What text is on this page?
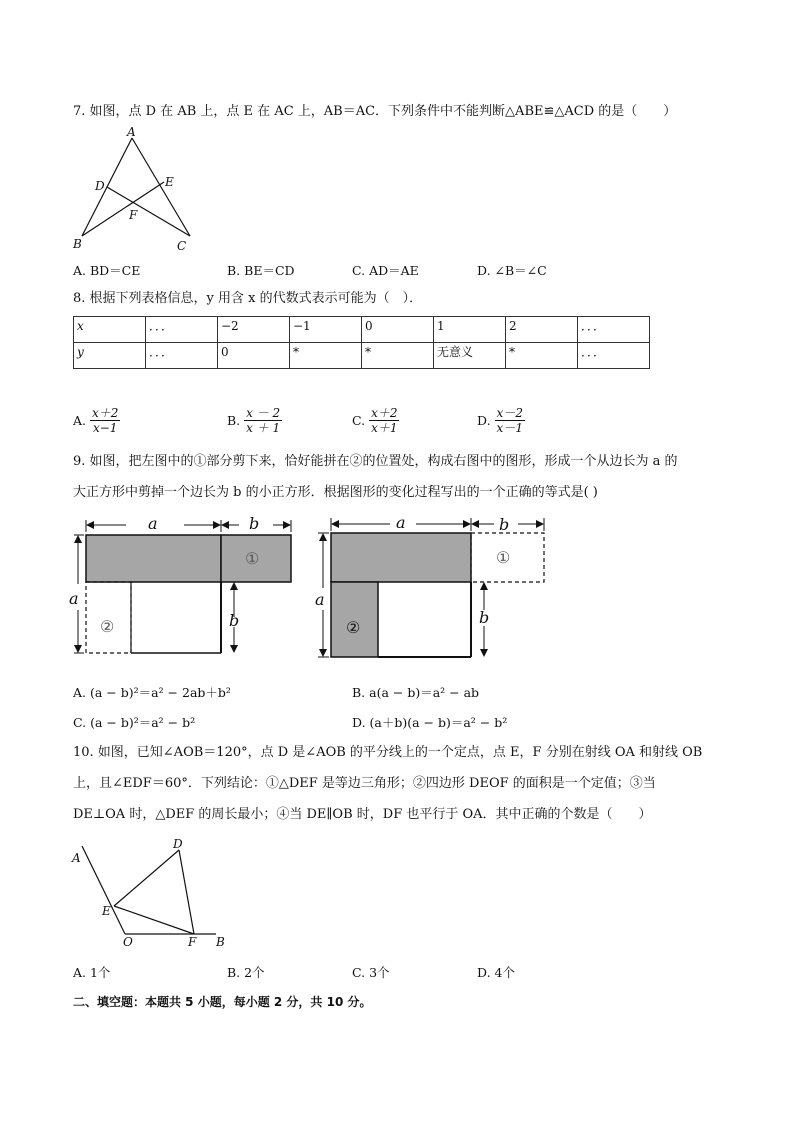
7. 如图，点 D 在 AB 上，点 E 在 AC 上，AB＝AC．下列条件中不能判断△ABE≌△ACD 的是（　　）
A
D	E
F
B	C
A. BD＝CE	B. BE＝CD	C. AD＝AE	D. ∠B＝∠C
8. 根据下列表格信息，y 用含 x 的代数式表示可能为（　）．
x	．．．	−2	−1	0	1	2	．．．
y	．．．	0	*	*	无意义	*	．．．
A. $\frac{x+2}{x-1}$	B. $\frac{x - 2}{x + 1}$	C. $\frac{x+2}{x+1}$	D. $\frac{x-2}{x-1}$
9. 如图，把左图中的①部分剪下来，恰好能拼在②的位置处，构成右图中的图形，形成一个从边长为 a 的
大正方形中剪掉一个边长为 b 的小正方形．根据图形的变化过程写出的一个正确的等式是( )
a	b
a
b
①
②
a	b
a
b
①
②
A. (a − b)²＝a² − 2ab＋b²	B. a(a − b)＝a² − ab
C. (a − b)²＝a² − b²	D. (a＋b)(a − b)＝a² − b²
10. 如图，已知∠AOB＝120°，点 D 是∠AOB 的平分线上的一个定点，点 E，F 分别在射线 OA 和射线 OB
上，且∠EDF＝60°．下列结论：①△DEF 是等边三角形；②四边形 DEOF 的面积是一个定值；③当
DE⊥OA 时，△DEF 的周长最小；④当 DE∥OB 时，DF 也平行于 OA．其中正确的个数是（　　）
A
D
E
O	F B
A. 1个	B. 2个	C. 3个	D. 4个
二、填空题：本题共 5 小题，每小题 2 分，共 10 分。
